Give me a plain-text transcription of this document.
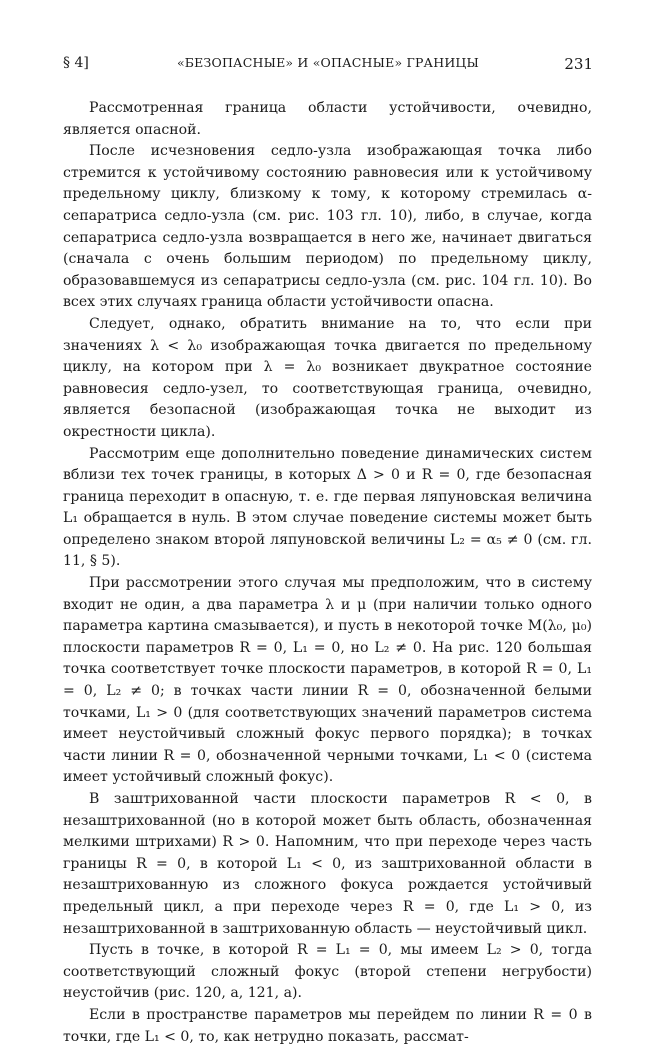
§ 4]	«БЕЗОПАСНЫЕ» И «ОПАСНЫЕ» ГРАНИЦЫ	231

Рассмотренная граница области устойчивости, очевидно, является опасной.

После исчезновения седло-узла изображающая точка либо стремится к устойчивому состоянию равновесия или к устойчивому предельному циклу, близкому к тому, к которому стремилась α-сепаратриса седло-узла (см. рис. 103 гл. 10), либо, в случае, когда сепаратриса седло-узла возвращается в него же, начинает двигаться (сначала с очень большим периодом) по предельному циклу, образовавшемуся из сепаратрисы седло-узла (см. рис. 104 гл. 10). Во всех этих случаях граница области устойчивости опасна.

Следует, однако, обратить внимание на то, что если при значениях λ < λ₀ изображающая точка двигается по предельному циклу, на котором при λ = λ₀ возникает двукратное состояние равновесия седло-узел, то соответствующая граница, очевидно, является безопасной (изображающая точка не выходит из окрестности цикла).

Рассмотрим еще дополнительно поведение динамических систем вблизи тех точек границы, в которых Δ > 0 и R = 0, где безопасная граница переходит в опасную, т. е. где первая ляпуновская величина L₁ обращается в нуль. В этом случае поведение системы может быть определено знаком второй ляпуновской величины L₂ = α₅ ≠ 0 (см. гл. 11, § 5).

При рассмотрении этого случая мы предположим, что в систему входит не один, а два параметра λ и μ (при наличии только одного параметра картина смазывается), и пусть в некоторой точке M(λ₀, μ₀) плоскости параметров R = 0, L₁ = 0, но L₂ ≠ 0. На рис. 120 большая точка соответствует точке плоскости параметров, в которой R = 0, L₁ = 0, L₂ ≠ 0; в точках части линии R = 0, обозначенной белыми точками, L₁ > 0 (для соответствующих значений параметров система имеет неустойчивый сложный фокус первого порядка); в точках части линии R = 0, обозначенной черными точками, L₁ < 0 (система имеет устойчивый сложный фокус).

В заштрихованной части плоскости параметров R < 0, в незаштрихованной (но в которой может быть область, обозначенная мелкими штрихами) R > 0. Напомним, что при переходе через часть границы R = 0, в которой L₁ < 0, из заштрихованной области в незаштрихованную из сложного фокуса рождается устойчивый предельный цикл, а при переходе через R = 0, где L₁ > 0, из незаштрихованной в заштрихованную область — неустойчивый цикл.

Пусть в точке, в которой R = L₁ = 0, мы имеем L₂ > 0, тогда соответствующий сложный фокус (второй степени негрубости) неустойчив (рис. 120, a, 121, a).

Если в пространстве параметров мы перейдем по линии R = 0 в точки, где L₁ < 0, то, как нетрудно показать, рассмат-
